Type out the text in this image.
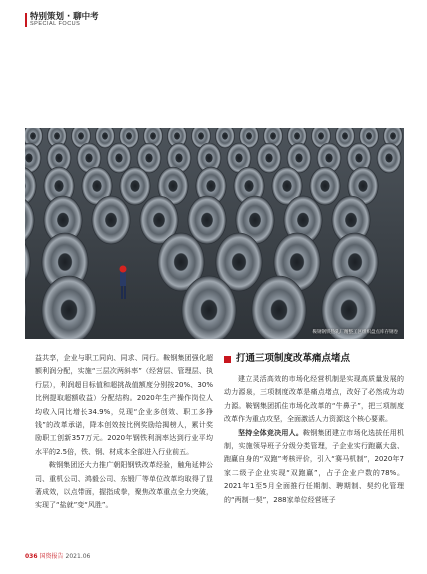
特别策划 · 聊中考
SPECIAL FOCUS
鞍钢钢铁热轧厂精整工区组织盘点库存钢卷

益共享，企业与职工同向、同求、同行。鞍钢集团强化超额利润分配，实施“三层次两斜率”（经营层、管理层、执行层），利润超目标值和超挑战值额度分别按20%、30%比例提取超额收益）分配结构。2020年生产操作岗位人均收入同比增长34.9%，兑现“企业多创效、职工多挣钱”的改革承诺，降本创效按比例奖励给揭榜人，累计奖励职工创新357万元。2020年钢铁利润率达到行业平均水平的2.5倍，铁、钢、材成本全部进入行业前五。

鞍钢集团还大力推广朝阳钢铁改革经验，触角延伸公司、重机公司、鸿毅公司、东锻厂等单位改革均取得了显著成效，以点带面，握指成拳，聚焦改革重点全力突破，实现了“盐就”变“风胜”。

打通三项制度改革痛点堵点

建立灵活高效的市场化经营机制是实现高质量发展的动力源泉，三项制度改革是痛点堵点，改好了必然成为动力源。鞍钢集团抓住市场化改革的“牛鼻子”，把三项制度改革作为重点攻坚，全面激活人力资源这个核心要素。

坚持全体竞决用人。鞍钢集团建立市场化选拔任用机制，实施领导班子分级分类管理，子企业实行跑赢大盘、跑赢自身的“双跑”考核评价，引入“赛马机制”，2020年7家二级子企业实现“双跑赢”，占子企业户数的78%。2021年1至5月全面推行任期制、聘期制、契约化管理的“两制一契”，288家单位经营班子

036 国资报告 2021.06
